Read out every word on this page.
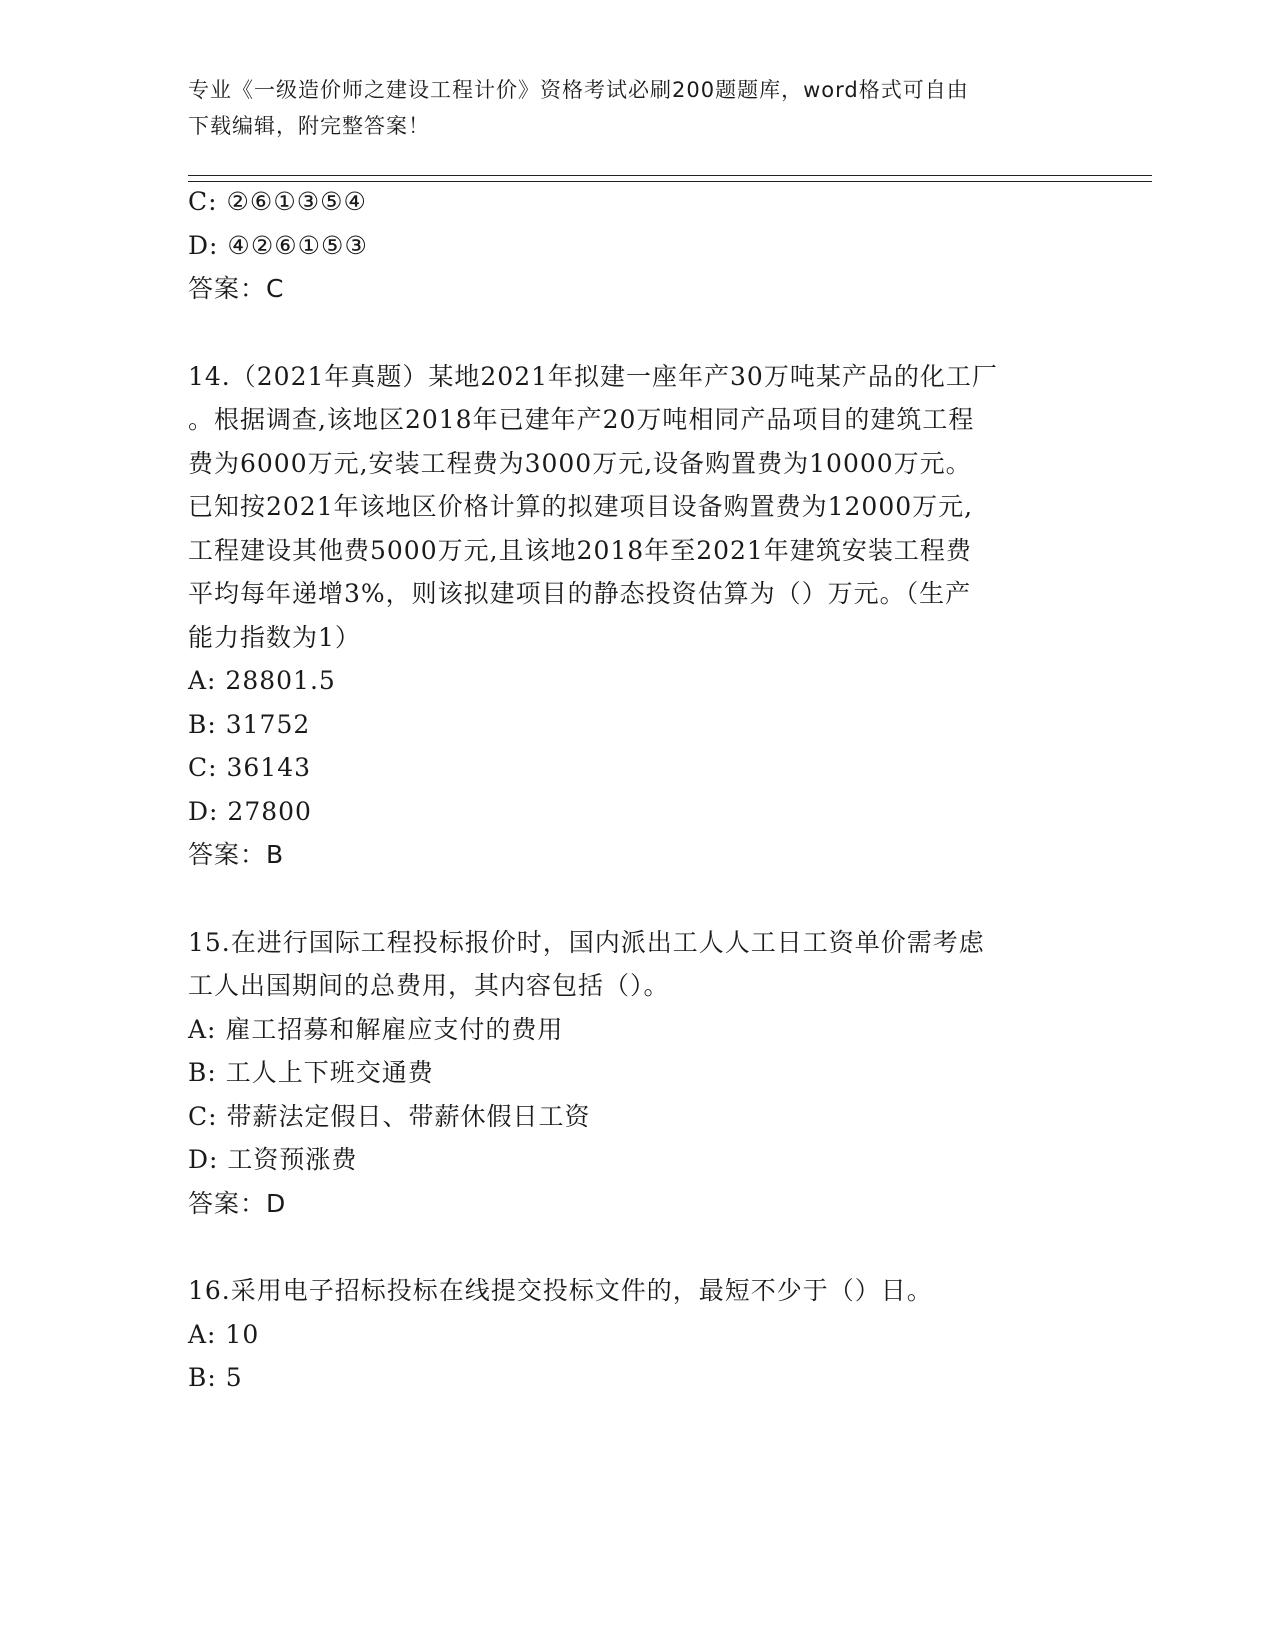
专业《一级造价师之建设工程计价》资格考试必刷200题题库，word格式可自由
下载编辑，附完整答案！
C: ②⑥①③⑤④
D: ④②⑥①⑤③
答案：C
14.（2021年真题）某地2021年拟建一座年产30万吨某产品的化工厂
。根据调查,该地区2018年已建年产20万吨相同产品项目的建筑工程
费为6000万元,安装工程费为3000万元,设备购置费为10000万元。
已知按2021年该地区价格计算的拟建项目设备购置费为12000万元,
工程建设其他费5000万元,且该地2018年至2021年建筑安装工程费
平均每年递增3%，则该拟建项目的静态投资估算为（）万元。（生产
能力指数为1）
A: 28801.5
B: 31752
C: 36143
D: 27800
答案：B
15.在进行国际工程投标报价时，国内派出工人人工日工资单价需考虑
工人出国期间的总费用，其内容包括（）。
A: 雇工招募和解雇应支付的费用
B: 工人上下班交通费
C: 带薪法定假日、带薪休假日工资
D: 工资预涨费
答案：D
16.采用电子招标投标在线提交投标文件的，最短不少于（）日。
A: 10
B: 5
